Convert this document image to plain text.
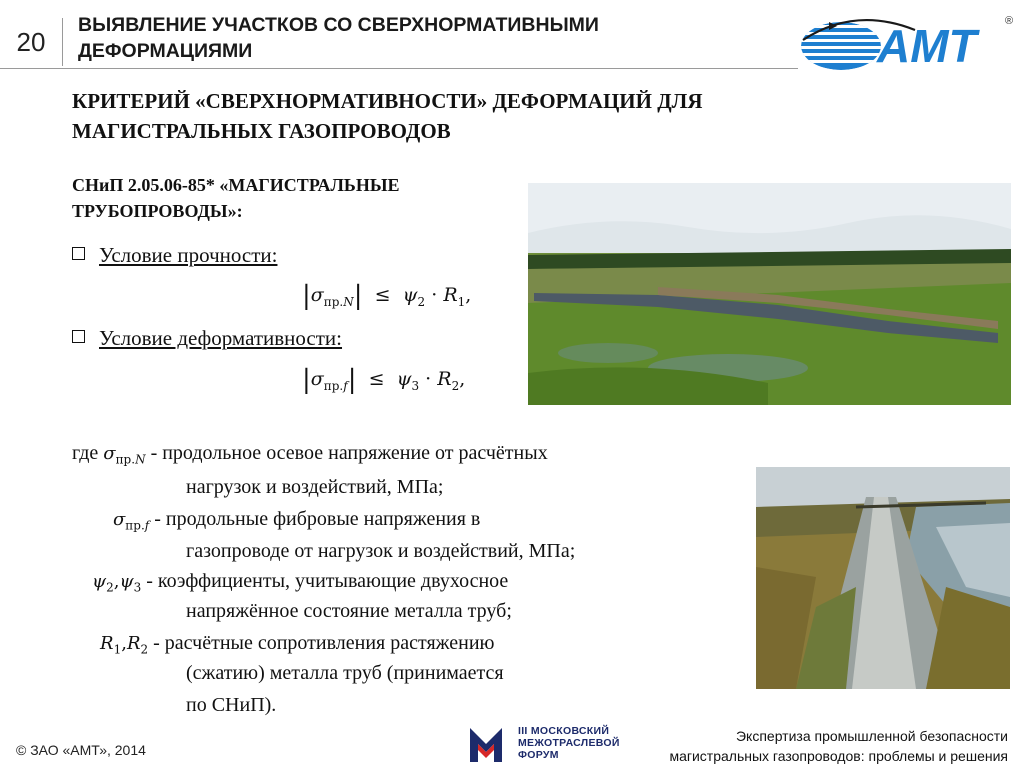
20
ВЫЯВЛЕНИЕ УЧАСТКОВ СО СВЕРХНОРМАТИВНЫМИ ДЕФОРМАЦИЯМИ	АМТ	®
КРИТЕРИЙ «СВЕРХНОРМАТИВНОСТИ» ДЕФОРМАЦИЙ ДЛЯ МАГИСТРАЛЬНЫХ ГАЗОПРОВОДОВ
СНиП 2.05.06-85* «МАГИСТРАЛЬНЫЕ ТРУБОПРОВОДЫ»:
Условие прочности:
$|\sigma_{пр.N}| \le \psi_2 \cdot R_1$,
Условие деформативности:
$|\sigma_{пр.f}| \le \psi_3 \cdot R_2$,
где $\sigma_{пр.N}$ - продольное осевое напряжение от расчётных
нагрузок и воздействий, МПа;
$\sigma_{пр.f}$ - продольные фибровые напряжения в
газопроводе от нагрузок и воздействий, МПа;
$\psi_2,\psi_3$ - коэффициенты, учитывающие двухосное
напряжённое состояние металла труб;
$R_1,R_2$ - расчётные сопротивления растяжению
(сжатию) металла труб (принимается
по СНиП).
© ЗАО «АМТ», 2014
III МОСКОВСКИЙ
МЕЖОТРАСЛЕВОЙ
ФОРУМ
Экспертиза промышленной безопасности
магистральных газопроводов: проблемы и решения
